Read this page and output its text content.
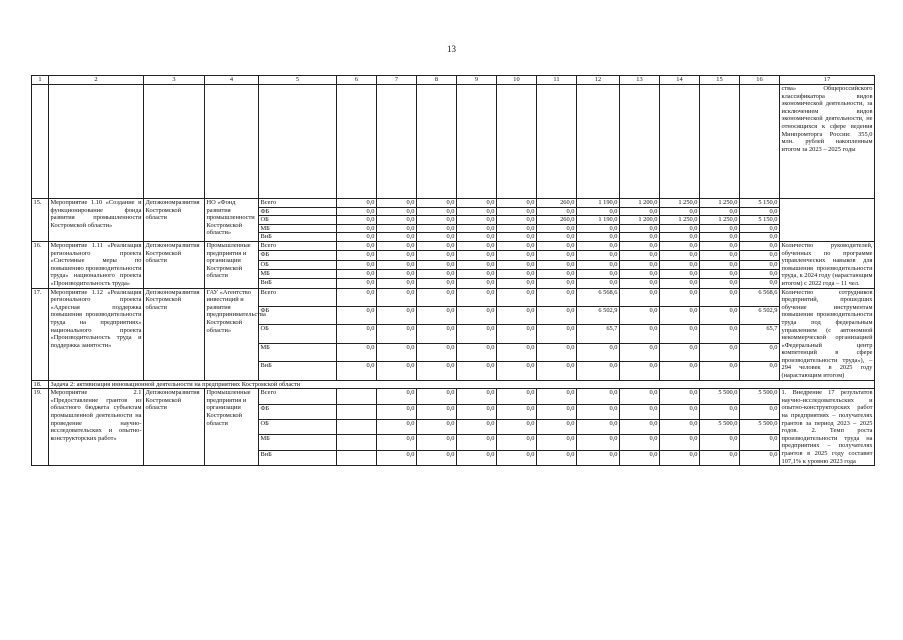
13
1	2	3	4	5	6	7	8	9	10	11	12	13	14	15	16	17
																ства» Общероссийского классификатора видов экономической деятельности, за исключением видов экономической деятельности, не относящихся к сфере ведения Минпромторга России: 355,0 млн. рублей накопленным итогом за 2023 – 2025 годы
15.	Мероприятие 1.10 «Создание и функционирование фонда развития промышленности Костромской области»	Депэкономразвития Костромской области	НО «Фонд развития промышленности Костромской области»	Всего	0,0	0,0	0,0	0,0	0,0	260,0	1 190,0	1 200,0	1 250,0	1 250,0	5 150,0	
				ФБ	0,0	0,0	0,0	0,0	0,0	0,0	0,0	0,0	0,0	0,0	0,0	
				ОБ	0,0	0,0	0,0	0,0	0,0	260,0	1 190,0	1 200,0	1 250,0	1 250,0	5 150,0	
				МБ	0,0	0,0	0,0	0,0	0,0	0,0	0,0	0,0	0,0	0,0	0,0	
				ВнБ	0,0	0,0	0,0	0,0	0,0	0,0	0,0	0,0	0,0	0,0	0,0	
16.	Мероприятие 1.11 «Реализация регионального проекта «Системные меры по повышению производительности труда» национального проекта «Производительность труда»	Депэкономразвития Костромской области	Промышленные предприятия и организации Костромской области	Всего	0,0	0,0	0,0	0,0	0,0	0,0	0,0	0,0	0,0	0,0	0,0	Количество руководителей, обученных по программе управленческих навыков для повышения производительности труда, к 2024 году (нарастающим итогом) с 2022 года – 11 чел.
				ФБ	0,0	0,0	0,0	0,0	0,0	0,0	0,0	0,0	0,0	0,0	0,0	
				ОБ	0,0	0,0	0,0	0,0	0,0	0,0	0,0	0,0	0,0	0,0	0,0	
				МБ	0,0	0,0	0,0	0,0	0,0	0,0	0,0	0,0	0,0	0,0	0,0	
				ВнБ	0,0	0,0	0,0	0,0	0,0	0,0	0,0	0,0	0,0	0,0	0,0	
17.	Мероприятие 1.12 «Реализация регионального проекта «Адресная поддержка повышения производительности труда на предприятиях» национального проекта «Производительность труда и поддержка занятости»	Депэкономразвития Костромской области	ГАУ «Агентство инвестиций и развития предпринимательства Костромской области»	Всего	0,0	0,0	0,0	0,0	0,0	0,0	6 568,6	0,0	0,0	0,0	6 568,6	Количество сотрудников предприятий, прошедших обучение инструментам повышения производительности труда под федеральным управлением (с автономной некоммерческой организацией «Федеральный центр компетенций в сфере производительности труда»), – 294 человек в 2025 году (нарастающим итогом)
				ФБ	0,0	0,0	0,0	0,0	0,0	0,0	6 502,9	0,0	0,0	0,0	6 502,9	
				ОБ	0,0	0,0	0,0	0,0	0,0	0,0	65,7	0,0	0,0	0,0	65,7	
				МБ	0,0	0,0	0,0	0,0	0,0	0,0	0,0	0,0	0,0	0,0	0,0	
				ВнБ	0,0	0,0	0,0	0,0	0,0	0,0	0,0	0,0	0,0	0,0	0,0	
18.	Задача 2: активизация инновационной деятельности на предприятиях Костромской области															
19.	Мероприятие 2.1 «Предоставление грантов из областного бюджета субъектам промышленной деятельности на проведение научно-исследовательских и опытно-конструкторских работ»	Депэкономразвития Костромской области	Промышленные предприятия и организации Костромской области	Всего		0,0	0,0	0,0	0,0	0,0	0,0	0,0	0,0	5 500,0	5 500,0	1. Внедрение 17 результатов научно-исследовательских и опытно-конструкторских работ на предприятиях – получателях грантов за период 2023 – 2025 годов. 2. Темп роста производительности труда на предприятиях – получателях грантов в 2025 году составит 107,1% к уровню 2023 года
				ФБ		0,0	0,0	0,0	0,0	0,0	0,0	0,0	0,0	0,0	0,0	
				ОБ		0,0	0,0	0,0	0,0	0,0	0,0	0,0	0,0	5 500,0	5 500,0	
				МБ		0,0	0,0	0,0	0,0	0,0	0,0	0,0	0,0	0,0	0,0	
				ВнБ		0,0	0,0	0,0	0,0	0,0	0,0	0,0	0,0	0,0	0,0	
